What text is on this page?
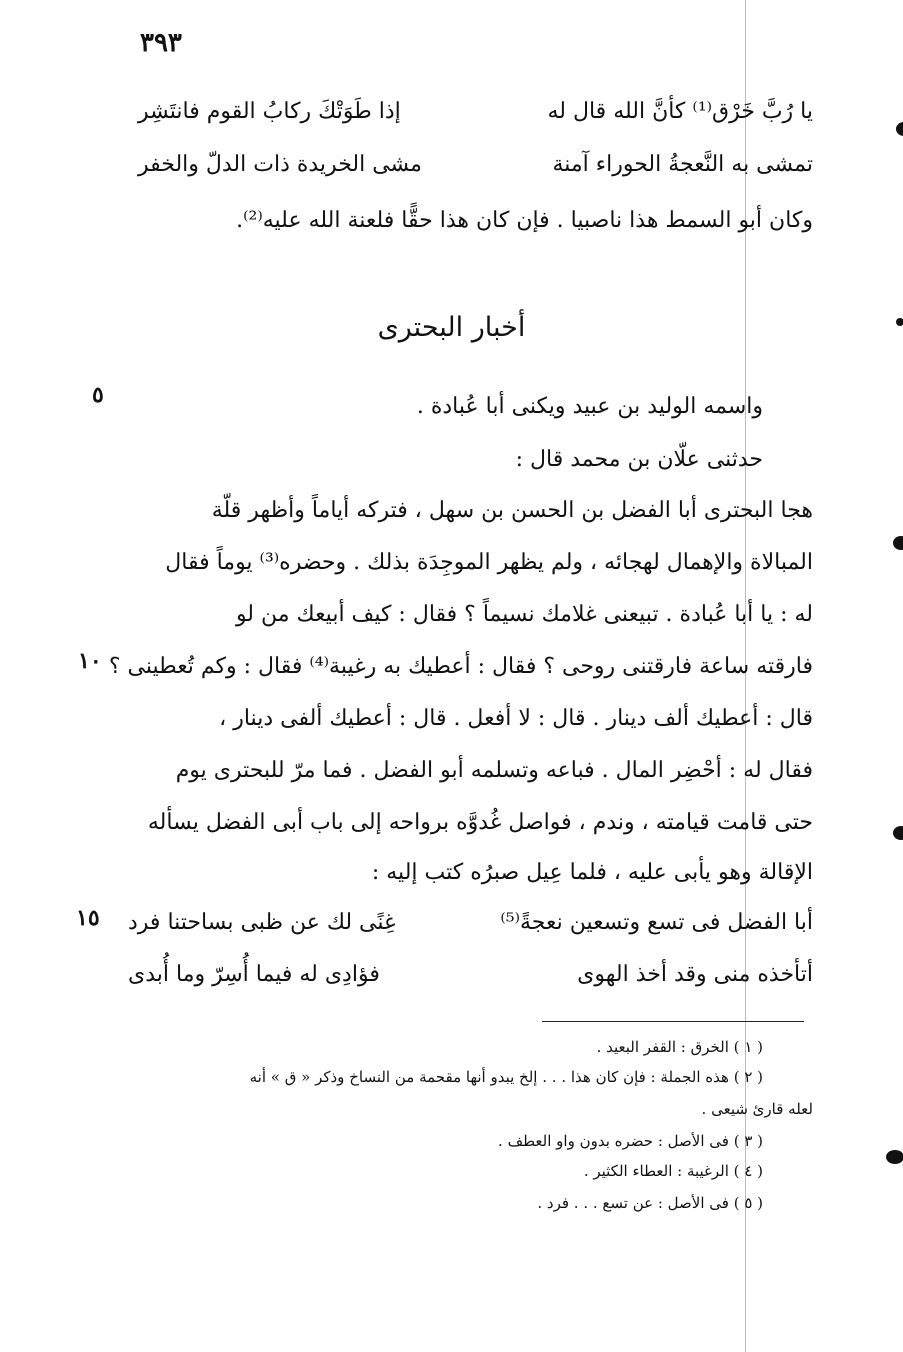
٣٩٣
يا رُبَّ خَرْق⁽¹⁾ كأنَّ الله قال له
إذا طَوَتْكَ ركابُ القوم فانتَشِر
تمشى به النَّعجةُ الحوراء آمنة
مشى الخريدة ذات الدلّ والخفر
وكان أبو السمط هذا ناصبيا . فإن كان هذا حقًّا فلعنة الله عليه⁽²⁾.
أخبار البحترى
٥
١٠
١٥
واسمه الوليد بن عبيد ويكنى أبا عُبادة .
حدثنى علّان بن محمد قال :
هجا البحترى أبا الفضل بن الحسن بن سهل ، فتركه أياماً وأظهر قلّة
المبالاة والإهمال لهجائه ، ولم يظهر الموجِدَة بذلك . وحضره⁽³⁾ يوماً فقال
له : يا أبا عُبادة . تبيعنى غلامك نسيماً ؟ فقال : كيف أبيعك من لو
فارقته ساعة فارقتنى روحى ؟ فقال : أعطيك به رغيبة⁽⁴⁾ فقال : وكم تُعطينى ؟
قال : أعطيك ألف دينار . قال : لا أفعل . قال : أعطيك ألفى دينار ،
فقال له : أحْضِر المال . فباعه وتسلمه أبو الفضل . فما مرّ للبحترى يوم
حتى قامت قيامته ، وندم ، فواصل غُدوَّه برواحه إلى باب أبى الفضل يسأله
الإقالة وهو يأبى عليه ، فلما عِيل صبرُه كتب إليه :
أبا الفضل فى تسع وتسعين نعجةً⁽⁵⁾
غِنًى لك عن ظبى بساحتنا فرد
أتأخذه منى وقد أخذ الهوى
فؤادِى له فيما أُسِرّ وما أُبدى
( ١ ) الخرق : القفر البعيد .
( ٢ ) هذه الجملة : فإن كان هذا . . . إلخ يبدو أنها مقحمة من النساخ وذكر « ق » أنه
لعله قارئ شيعى .
( ٣ ) فى الأصل : حضره بدون واو العطف .
( ٤ ) الرغيبة : العطاء الكثير .
( ٥ ) فى الأصل : عن تسع . . . فرد .
